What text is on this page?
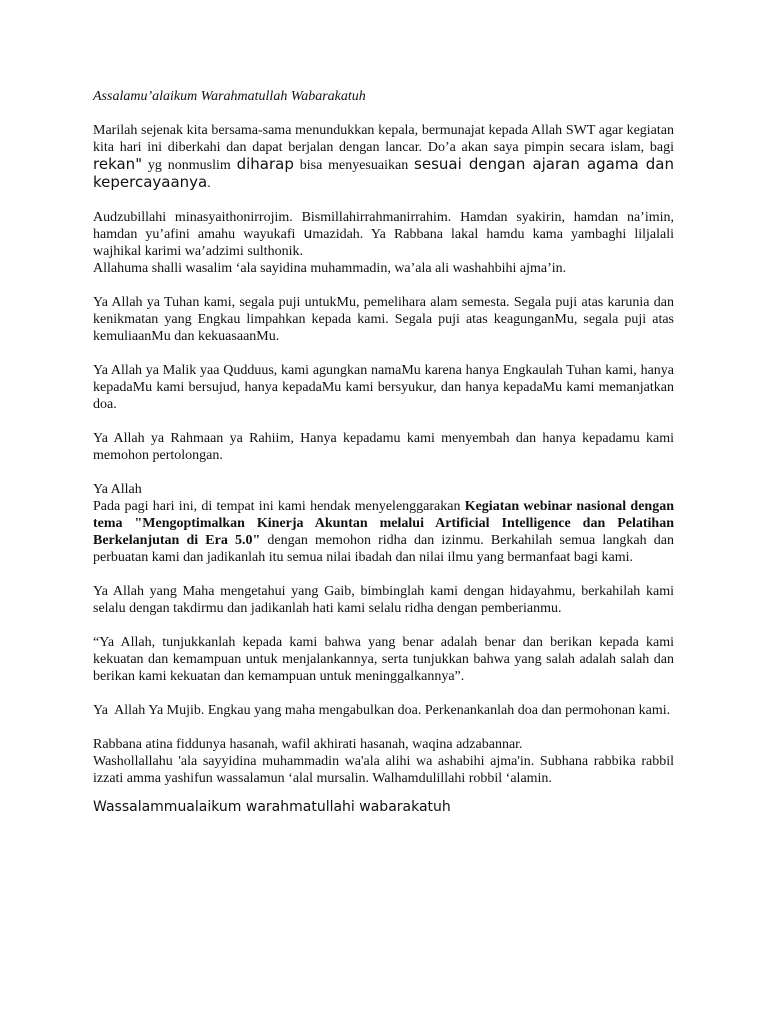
Assalamu’alaikum Warahmatullah Wabarakatuh

Marilah sejenak kita bersama-sama menundukkan kepala, bermunajat kepada Allah SWT agar kegiatan kita hari ini diberkahi dan dapat berjalan dengan lancar. Do’a akan saya pimpin secara islam, bagi rekan" yg nonmuslim diharap bisa menyesuaikan sesuai dengan ajaran agama dan kepercayaanya.

Audzubillahi minasyaithonirrojim. Bismillahirrahmanirrahim. Hamdan syakirin, hamdan na’imin, hamdan yu’afini amahu wayukafi umazidah. Ya Rabbana lakal hamdu kama yambaghi liljalali wajhikal karimi wa’adzimi sulthonik.

Allahuma shalli wasalim ‘ala sayidina muhammadin, wa’ala ali washahbihi ajma’in.

Ya Allah ya Tuhan kami, segala puji untukMu, pemelihara alam semesta. Segala puji atas karunia dan kenikmatan yang Engkau limpahkan kepada kami. Segala puji atas keagunganMu, segala puji atas kemuliaanMu dan kekuasaanMu.

Ya Allah ya Malik yaa Qudduus, kami agungkan namaMu karena hanya Engkaulah Tuhan kami, hanya kepadaMu kami bersujud, hanya kepadaMu kami bersyukur, dan hanya kepadaMu kami memanjatkan doa.

Ya Allah ya Rahmaan ya Rahiim, Hanya kepadamu kami menyembah dan hanya kepadamu kami memohon pertolongan.

Ya Allah

Pada pagi hari ini, di tempat ini kami hendak menyelenggarakan Kegiatan webinar nasional dengan tema "Mengoptimalkan Kinerja Akuntan melalui Artificial Intelligence dan Pelatihan Berkelanjutan di Era 5.0" dengan memohon ridha dan izinmu. Berkahilah semua langkah dan perbuatan kami dan jadikanlah itu semua nilai ibadah dan nilai ilmu yang bermanfaat bagi kami.

Ya Allah yang Maha mengetahui yang Gaib, bimbinglah kami dengan hidayahmu, berkahilah kami selalu dengan takdirmu dan jadikanlah hati kami selalu ridha dengan pemberianmu.

“Ya Allah, tunjukkanlah kepada kami bahwa yang benar adalah benar dan berikan kepada kami kekuatan dan kemampuan untuk menjalankannya, serta tunjukkan bahwa yang salah adalah salah dan berikan kami kekuatan dan kemampuan untuk meninggalkannya”.

Ya  Allah Ya Mujib. Engkau yang maha mengabulkan doa. Perkenankanlah doa dan permohonan kami.

Rabbana atina fiddunya hasanah, wafil akhirati hasanah, waqina adzabannar.

Washollallahu 'ala sayyidina muhammadin wa'ala alihi wa ashabihi ajma'in. Subhana rabbika rabbil izzati amma yashifun wassalamun ‘alal mursalin. Walhamdulillahi robbil ‘alamin.

Wassalammualaikum warahmatullahi wabarakatuh
